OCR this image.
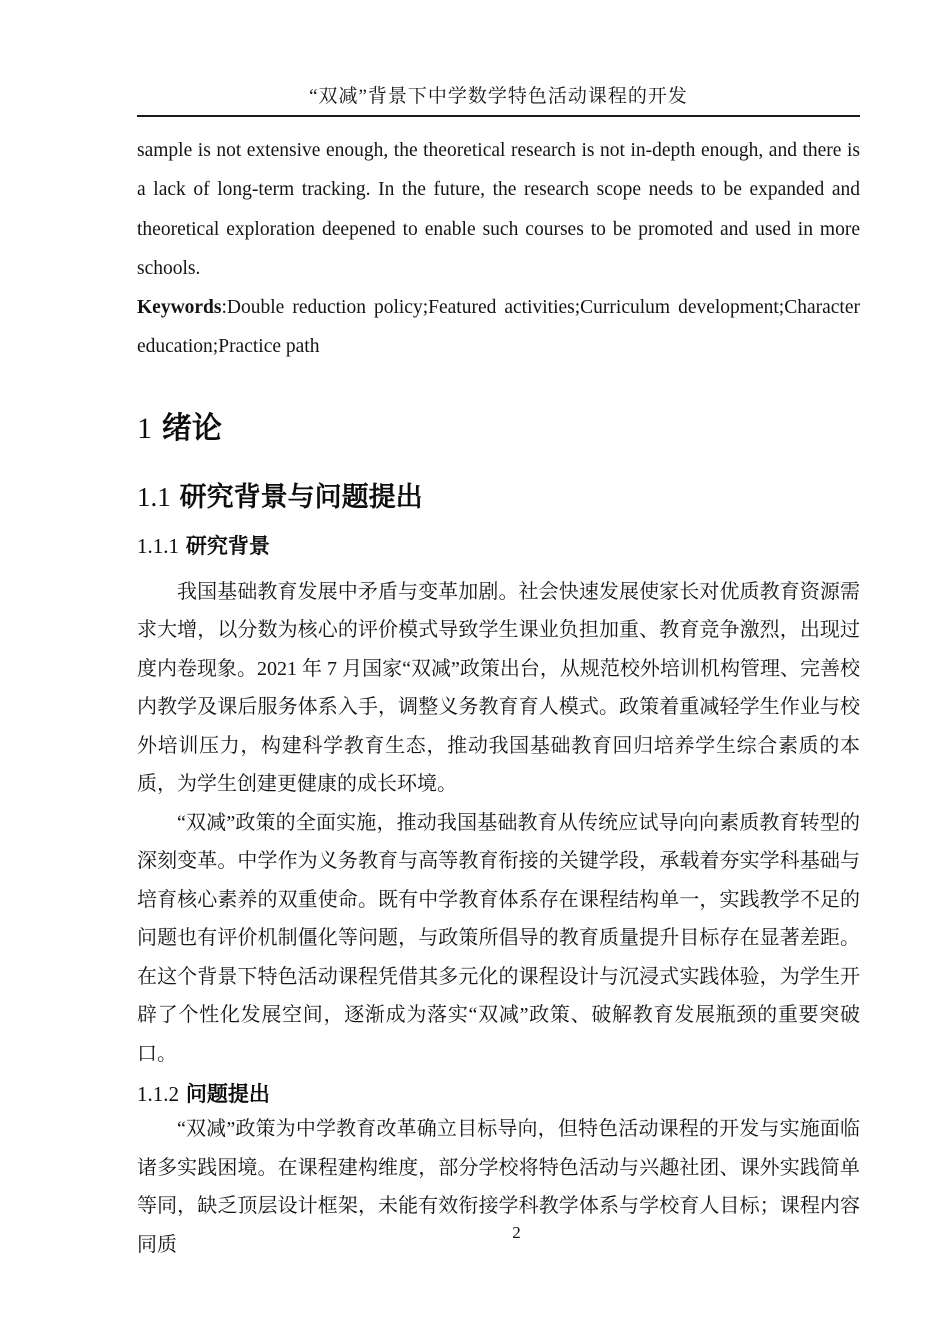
“双减”背景下中学数学特色活动课程的开发

sample is not extensive enough, the theoretical research is not in-depth enough, and there is a lack of long-term tracking. In the future, the research scope needs to be expanded and theoretical exploration deepened to enable such courses to be promoted and used in more schools.

Keywords:Double reduction policy;Featured activities;Curriculum development;Character education;Practice path

1 绪论
1.1 研究背景与问题提出
1.1.1 研究背景

我国基础教育发展中矛盾与变革加剧。社会快速发展使家长对优质教育资源需求大增，以分数为核心的评价模式导致学生课业负担加重、教育竞争激烈，出现过度内卷现象。2021 年 7 月国家“双减”政策出台，从规范校外培训机构管理、完善校内教学及课后服务体系入手，调整义务教育育人模式。政策着重减轻学生作业与校外培训压力，构建科学教育生态，推动我国基础教育回归培养学生综合素质的本质，为学生创建更健康的成长环境。

“双减”政策的全面实施，推动我国基础教育从传统应试导向向素质教育转型的深刻变革。中学作为义务教育与高等教育衔接的关键学段，承载着夯实学科基础与培育核心素养的双重使命。既有中学教育体系存在课程结构单一，实践教学不足的问题也有评价机制僵化等问题，与政策所倡导的教育质量提升目标存在显著差距。在这个背景下特色活动课程凭借其多元化的课程设计与沉浸式实践体验，为学生开辟了个性化发展空间，逐渐成为落实“双减”政策、破解教育发展瓶颈的重要突破口。

1.1.2 问题提出

“双减”政策为中学教育改革确立目标导向，但特色活动课程的开发与实施面临诸多实践困境。在课程建构维度，部分学校将特色活动与兴趣社团、课外实践简单等同，缺乏顶层设计框架，未能有效衔接学科教学体系与学校育人目标；课程内容同质

2
